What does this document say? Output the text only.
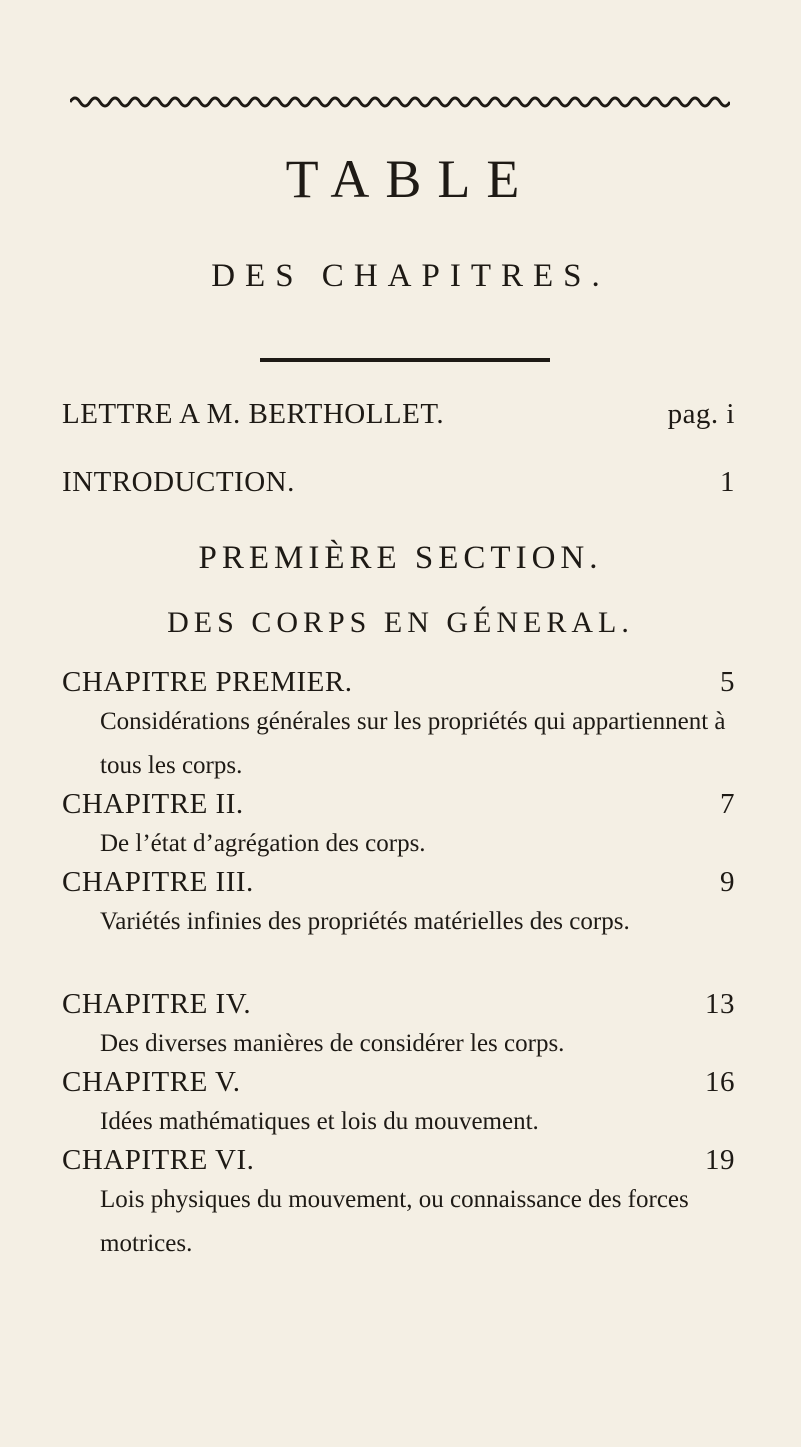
TABLE
DES CHAPITRES.
LETTRE A M. BERTHOLLET.	pag. i
INTRODUCTION.	1
PREMIÈRE SECTION.
DES CORPS EN GÉNERAL.
CHAPITRE PREMIER.	5
Considérations générales sur les propriétés qui appartiennent à tous les corps.
CHAPITRE II.	7
De l’état d’agrégation des corps.
CHAPITRE III.	9
Variétés infinies des propriétés matérielles des corps.
CHAPITRE IV.	13
Des diverses manières de considérer les corps.
CHAPITRE V.	16
Idées mathématiques et lois du mouvement.
CHAPITRE VI.	19
Lois physiques du mouvement, ou connaissance des forces motrices.
